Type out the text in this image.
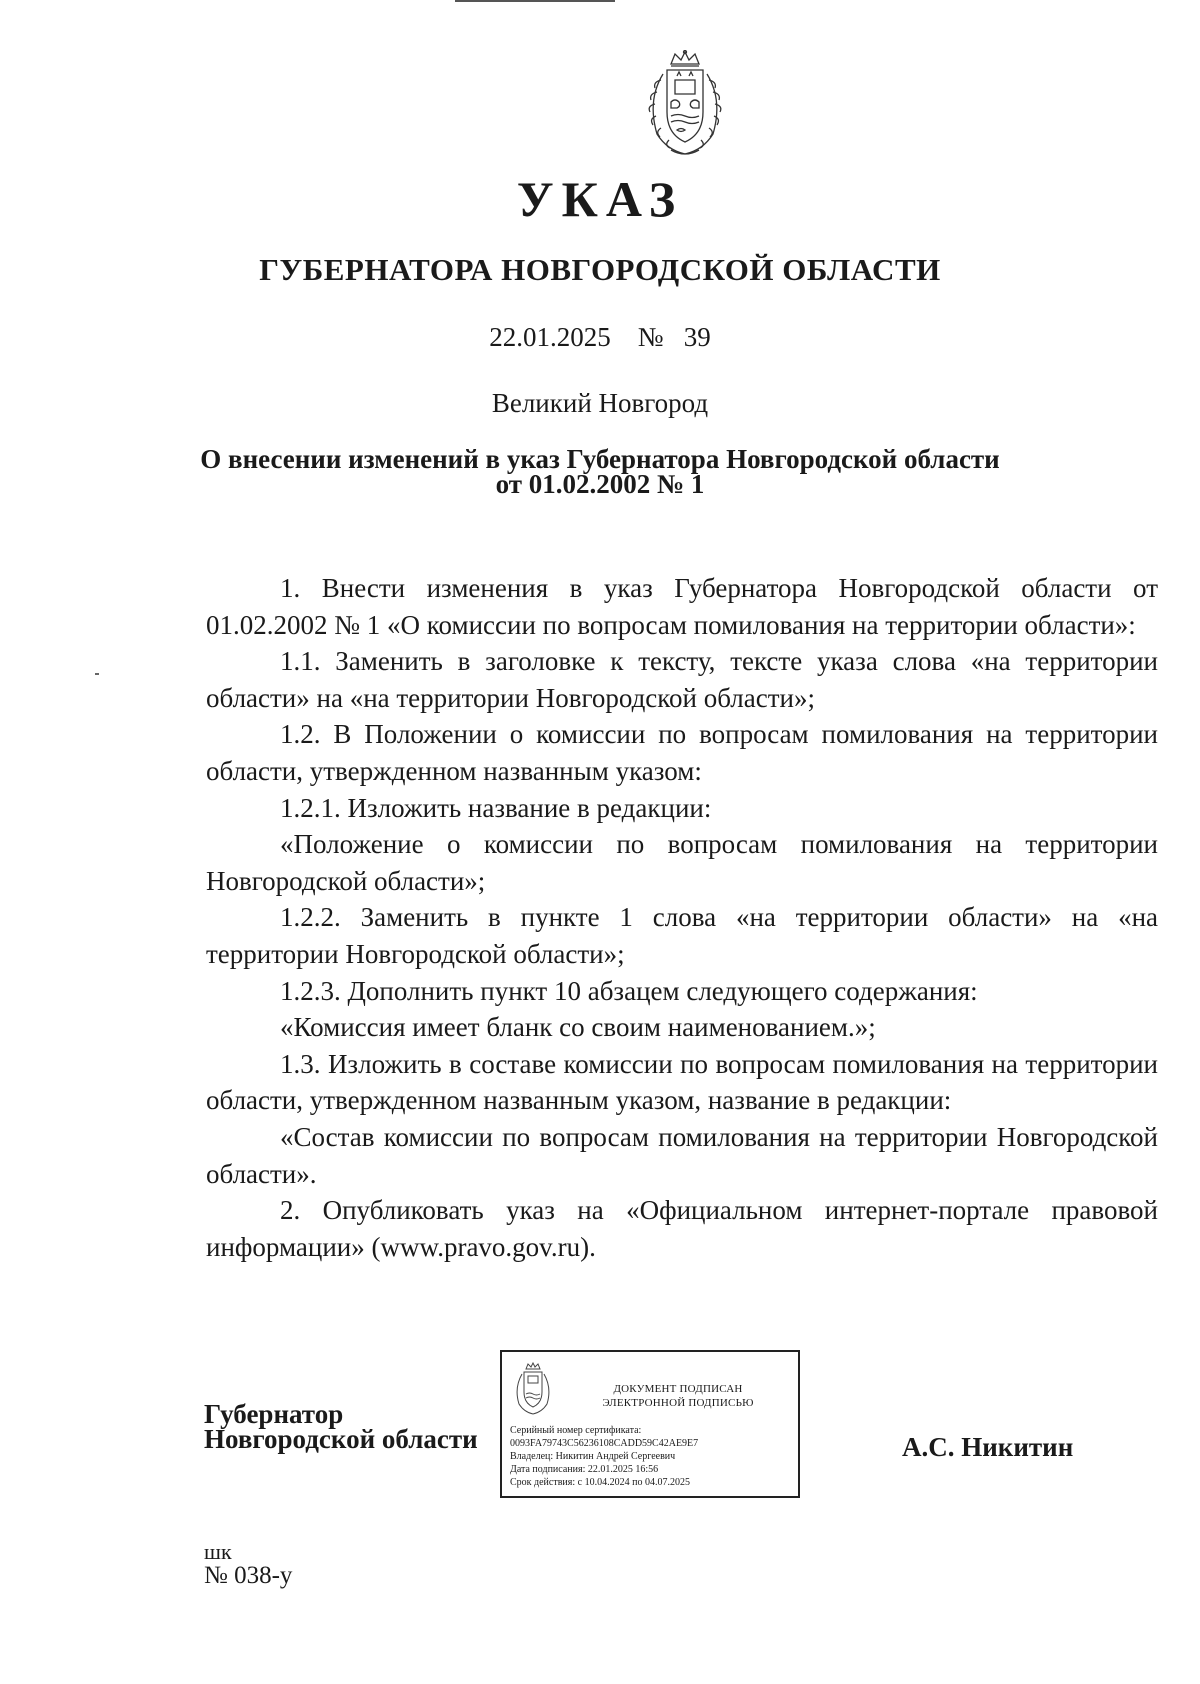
УКАЗ
ГУБЕРНАТОРА НОВГОРОДСКОЙ ОБЛАСТИ
22.01.2025 № 39
Великий Новгород
О внесении изменений в указ Губернатора Новгородской области
от 01.02.2002 № 1

1. Внести изменения в указ Губернатора Новгородской области от 01.02.2002 № 1 «О комиссии по вопросам помилования на территории области»:

1.1. Заменить в заголовке к тексту, тексте указа слова «на территории области» на «на территории Новгородской области»;

1.2. В Положении о комиссии по вопросам помилования на территории области, утвержденном названным указом:

1.2.1. Изложить название в редакции:

«Положение о комиссии по вопросам помилования на территории Новгородской области»;

1.2.2. Заменить в пункте 1 слова «на территории области» на «на территории Новгородской области»;

1.2.3. Дополнить пункт 10 абзацем следующего содержания:

«Комиссия имеет бланк со своим наименованием.»;

1.3. Изложить в составе комиссии по вопросам помилования на территории области, утвержденном названным указом, название в редакции:

«Состав комиссии по вопросам помилования на территории Новгородской области».

2. Опубликовать указ на «Официальном интернет-портале правовой информации» (www.pravo.gov.ru).

Губернатор
Новгородской области
ДОКУМЕНТ ПОДПИСАН
ЭЛЕКТРОННОЙ ПОДПИСЬЮ
Серийный номер сертификата:
0093FA79743C56236108CADD59C42AE9E7
Владелец: Никитин Андрей Сергеевич
Дата подписания: 22.01.2025 16:56
Срок действия: с 10.04.2024 по 04.07.2025
А.С. Никитин
шк
№ 038-у
